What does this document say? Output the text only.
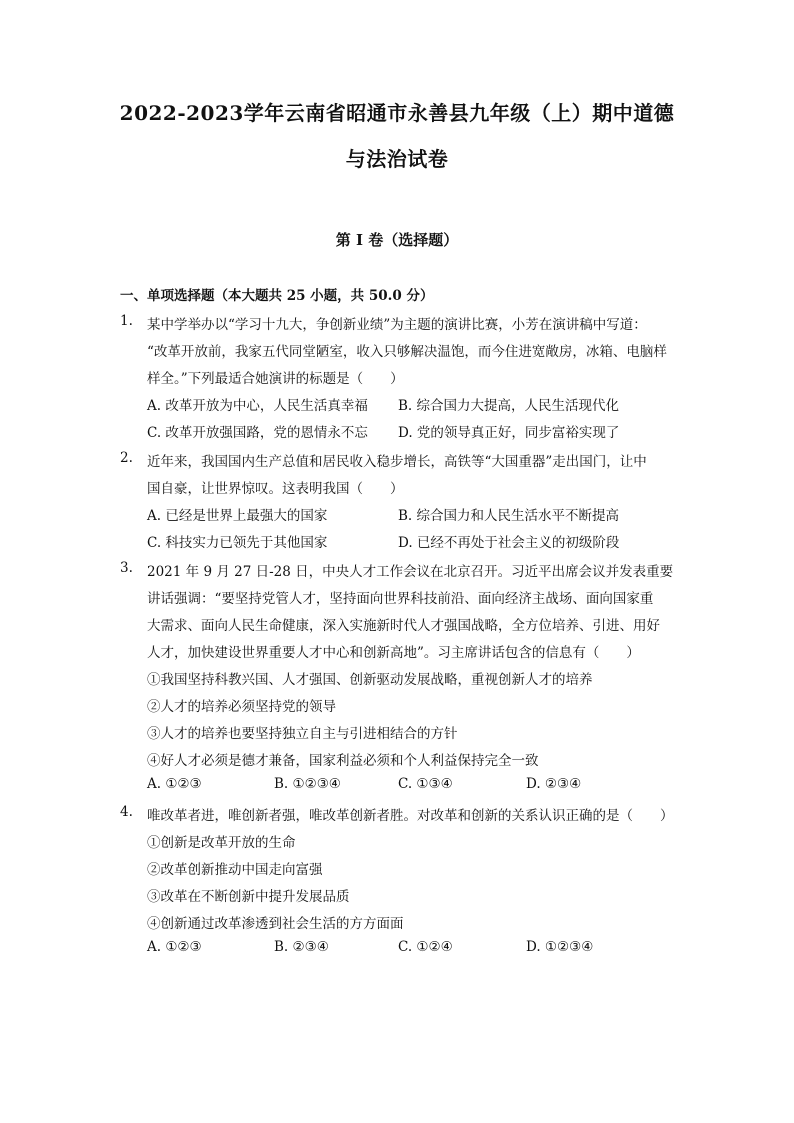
2022-2023学年云南省昭通市永善县九年级（上）期中道德
与法治试卷
第 I 卷（选择题）
一、单项选择题（本大题共 25 小题，共 50.0 分）
1.	某中学举办以“学习十九大，争创新业绩”为主题的演讲比赛，小芳在演讲稿中写道：
“改革开放前，我家五代同堂陋室，收入只够解决温饱，而今住进宽敞房，冰箱、电脑样
样全。”下列最适合她演讲的标题是（　　）
A. 改革开放为中心，人民生活真幸福 B. 综合国力大提高，人民生活现代化
C. 改革开放强国路，党的恩情永不忘 D. 党的领导真正好，同步富裕实现了
2.	近年来，我国国内生产总值和居民收入稳步增长，高铁等“大国重器”走出国门，让中
国自豪，让世界惊叹。这表明我国（　　）
A. 已经是世界上最强大的国家	B. 综合国力和人民生活水平不断提高
C. 科技实力已领先于其他国家	D. 已经不再处于社会主义的初级阶段
3.	2021 年 9 月 27 日-28 日，中央人才工作会议在北京召开。习近平出席会议并发表重要
讲话强调：“要坚持党管人才，坚持面向世界科技前沿、面向经济主战场、面向国家重
大需求、面向人民生命健康，深入实施新时代人才强国战略，全方位培养、引进、用好
人才，加快建设世界重要人才中心和创新高地”。习主席讲话包含的信息有（　　）
①我国坚持科教兴国、人才强国、创新驱动发展战略，重视创新人才的培养
②人才的培养必须坚持党的领导
③人才的培养也要坚持独立自主与引进相结合的方针
④好人才必须是德才兼备，国家利益必须和个人利益保持完全一致
A. ①②③	B. ①②③④	C. ①③④	D. ②③④
4.	唯改革者进，唯创新者强，唯改革创新者胜。对改革和创新的关系认识正确的是（　　）
①创新是改革开放的生命
②改革创新推动中国走向富强
③改革在不断创新中提升发展品质
④创新通过改革渗透到社会生活的方方面面
A. ①②③	B. ②③④	C. ①②④	D. ①②③④
